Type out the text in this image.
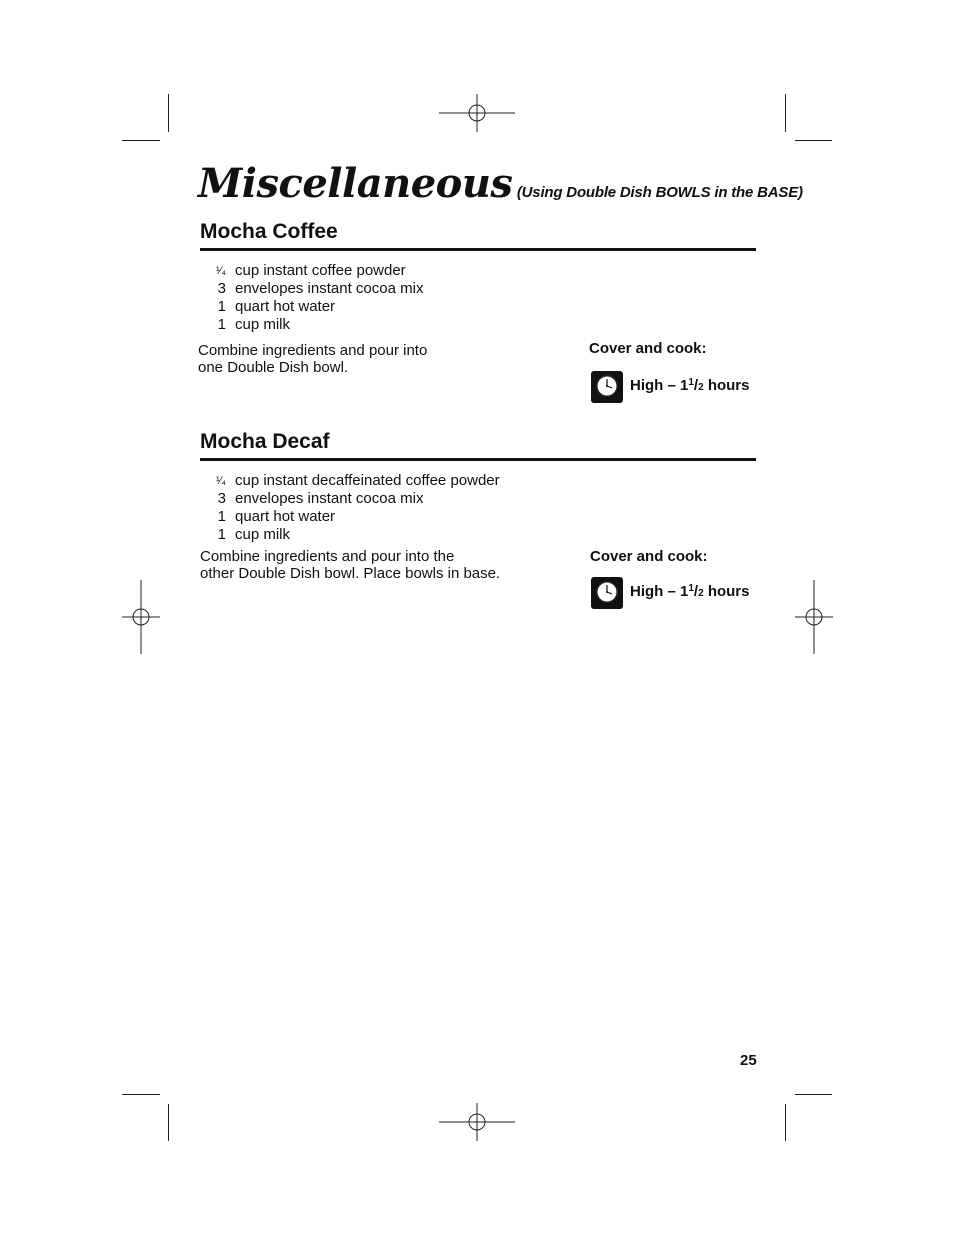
Miscellaneous (Using Double Dish BOWLS in the BASE)
Mocha Coffee
¹⁄₄ cup instant coffee powder
3 envelopes instant cocoa mix
1 quart hot water
1 cup milk
Combine ingredients and pour into
one Double Dish bowl.
Cover and cook:
High – $1^1/2$ hours
Mocha Decaf
¹⁄₄ cup instant decaffeinated coffee powder
3 envelopes instant cocoa mix
1 quart hot water
1 cup milk
Combine ingredients and pour into the
other Double Dish bowl. Place bowls in base.
Cover and cook:
High – $1^1/2$ hours
25
